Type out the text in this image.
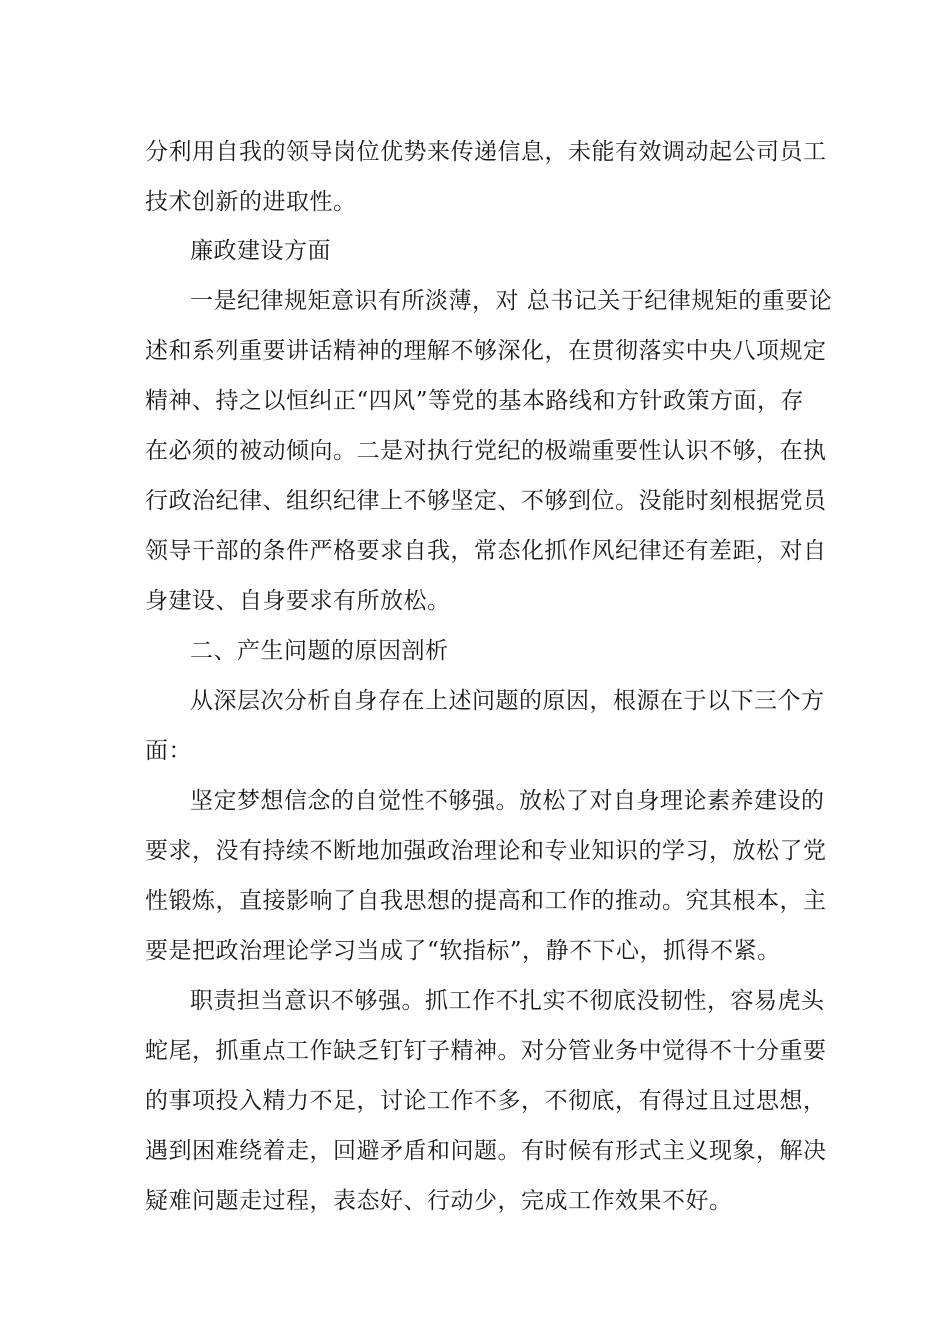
分利用自我的领导岗位优势来传递信息，未能有效调动起公司员工

技术创新的进取性。

廉政建设方面

一是纪律规矩意识有所淡薄，对 总书记关于纪律规矩的重要论

述和系列重要讲话精神的理解不够深化，在贯彻落实中央八项规定

精神、持之以恒纠正“四风”等党的基本路线和方针政策方面，存

在必须的被动倾向。二是对执行党纪的极端重要性认识不够，在执

行政治纪律、组织纪律上不够坚定、不够到位。没能时刻根据党员

领导干部的条件严格要求自我，常态化抓作风纪律还有差距，对自

身建设、自身要求有所放松。

二、产生问题的原因剖析

从深层次分析自身存在上述问题的原因，根源在于以下三个方

面：

坚定梦想信念的自觉性不够强。放松了对自身理论素养建设的

要求，没有持续不断地加强政治理论和专业知识的学习，放松了党

性锻炼，直接影响了自我思想的提高和工作的推动。究其根本，主

要是把政治理论学习当成了“软指标”，静不下心，抓得不紧。

职责担当意识不够强。抓工作不扎实不彻底没韧性，容易虎头

蛇尾，抓重点工作缺乏钉钉子精神。对分管业务中觉得不十分重要

的事项投入精力不足，讨论工作不多，不彻底，有得过且过思想，

遇到困难绕着走，回避矛盾和问题。有时候有形式主义现象，解决

疑难问题走过程，表态好、行动少，完成工作效果不好。
